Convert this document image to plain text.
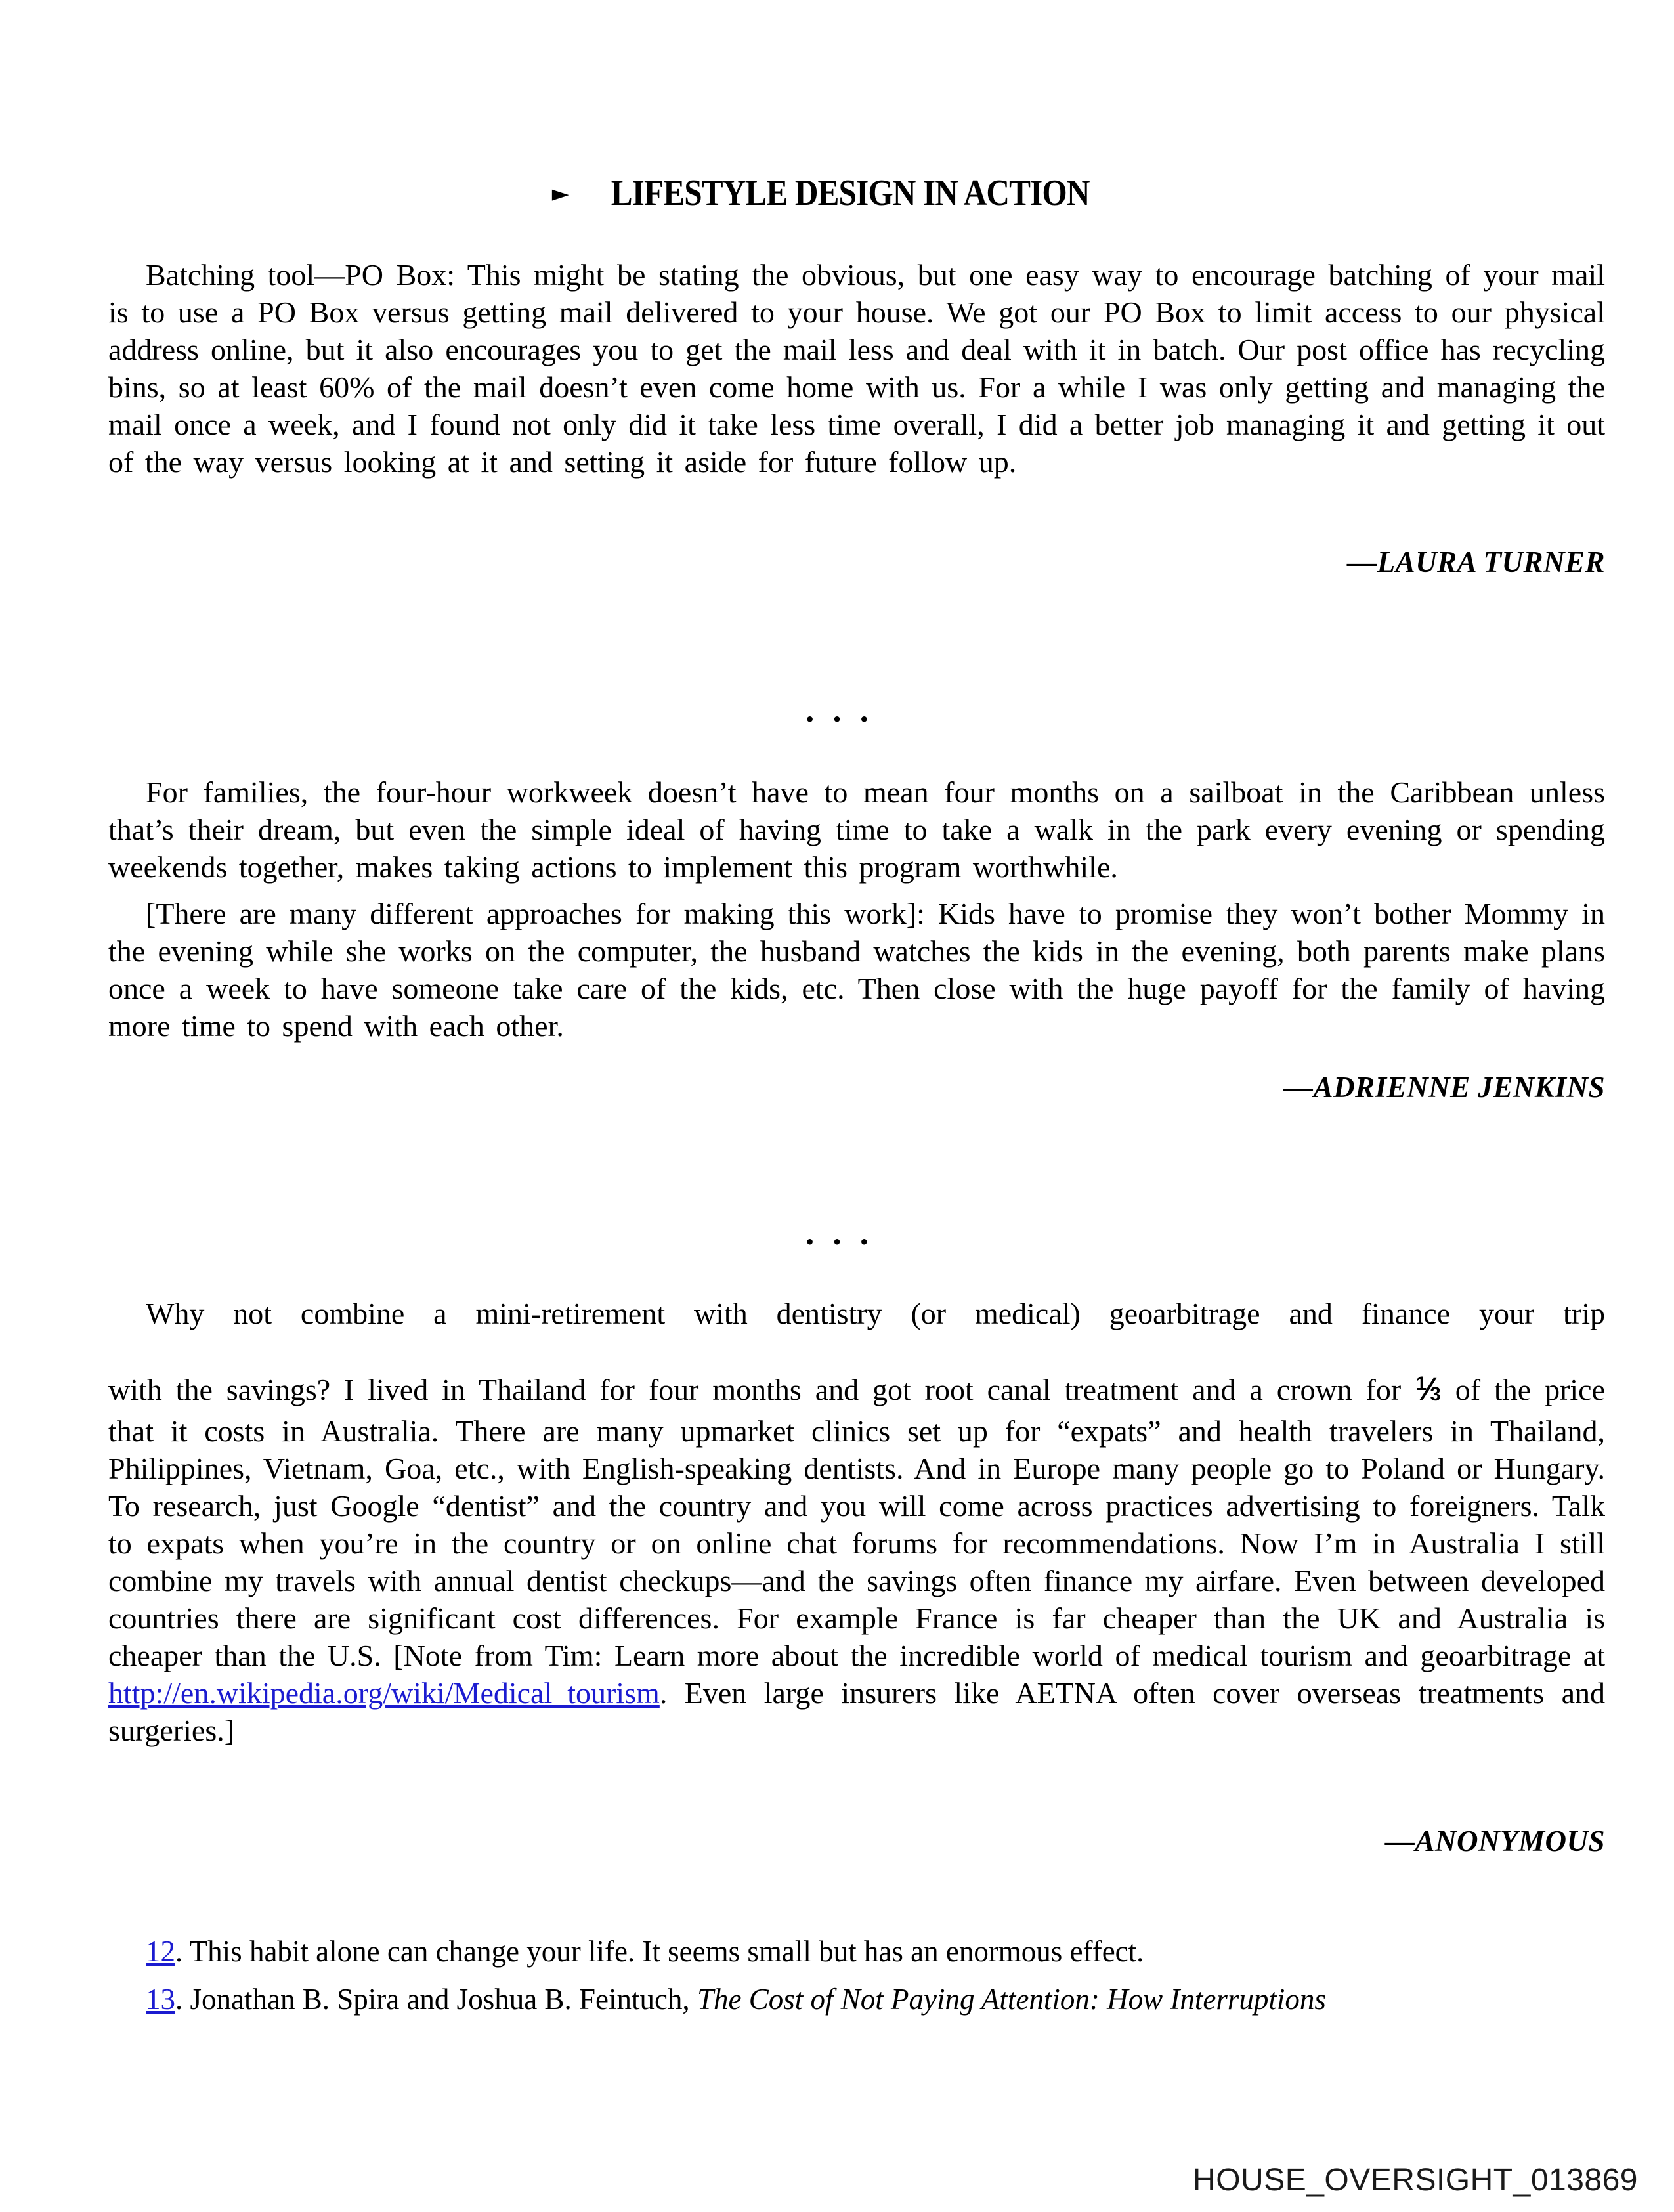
► LIFESTYLE DESIGN IN ACTION

Batching tool—PO Box: This might be stating the obvious, but one easy way to encourage batching of your mail is to use a PO Box versus getting mail delivered to your house. We got our PO Box to limit access to our physical address online, but it also encourages you to get the mail less and deal with it in batch. Our post office has recycling bins, so at least 60% of the mail doesn’t even come home with us. For a while I was only getting and managing the mail once a week, and I found not only did it take less time overall, I did a better job managing it and getting it out of the way versus looking at it and setting it aside for future follow up.

—LAURA TURNER
•••

For families, the four-hour workweek doesn’t have to mean four months on a sailboat in the Caribbean unless that’s their dream, but even the simple ideal of having time to take a walk in the park every evening or spending weekends together, makes taking actions to implement this program worthwhile.

[There are many different approaches for making this work]: Kids have to promise they won’t bother Mommy in the evening while she works on the computer, the husband watches the kids in the evening, both parents make plans once a week to have someone take care of the kids, etc. Then close with the huge payoff for the family of having more time to spend with each other.

—ADRIENNE JENKINS
•••

Why not combine a mini-retirement with dentistry (or medical) geoarbitrage and finance your trip

with the savings? I lived in Thailand for four months and got root canal treatment and a crown for $^1$⁄3 of the price that it costs in Australia. There are many upmarket clinics set up for “expats” and health travelers in Thailand, Philippines, Vietnam, Goa, etc., with English-speaking dentists. And in Europe many people go to Poland or Hungary. To research, just Google “dentist” and the country and you will come across practices advertising to foreigners. Talk to expats when you’re in the country or on online chat forums for recommendations. Now I’m in Australia I still combine my travels with annual dentist checkups—and the savings often finance my airfare. Even between developed countries there are significant cost differences. For example France is far cheaper than the UK and Australia is cheaper than the U.S. [Note from Tim: Learn more about the incredible world of medical tourism and geoarbitrage at http://en.wikipedia.org/wiki/Medical_tourism. Even large insurers like AETNA often cover overseas treatments and surgeries.]

—ANONYMOUS
12. This habit alone can change your life. It seems small but has an enormous effect.
13. Jonathan B. Spira and Joshua B. Feintuch, The Cost of Not Paying Attention: How Interruptions
HOUSE_OVERSIGHT_013869
